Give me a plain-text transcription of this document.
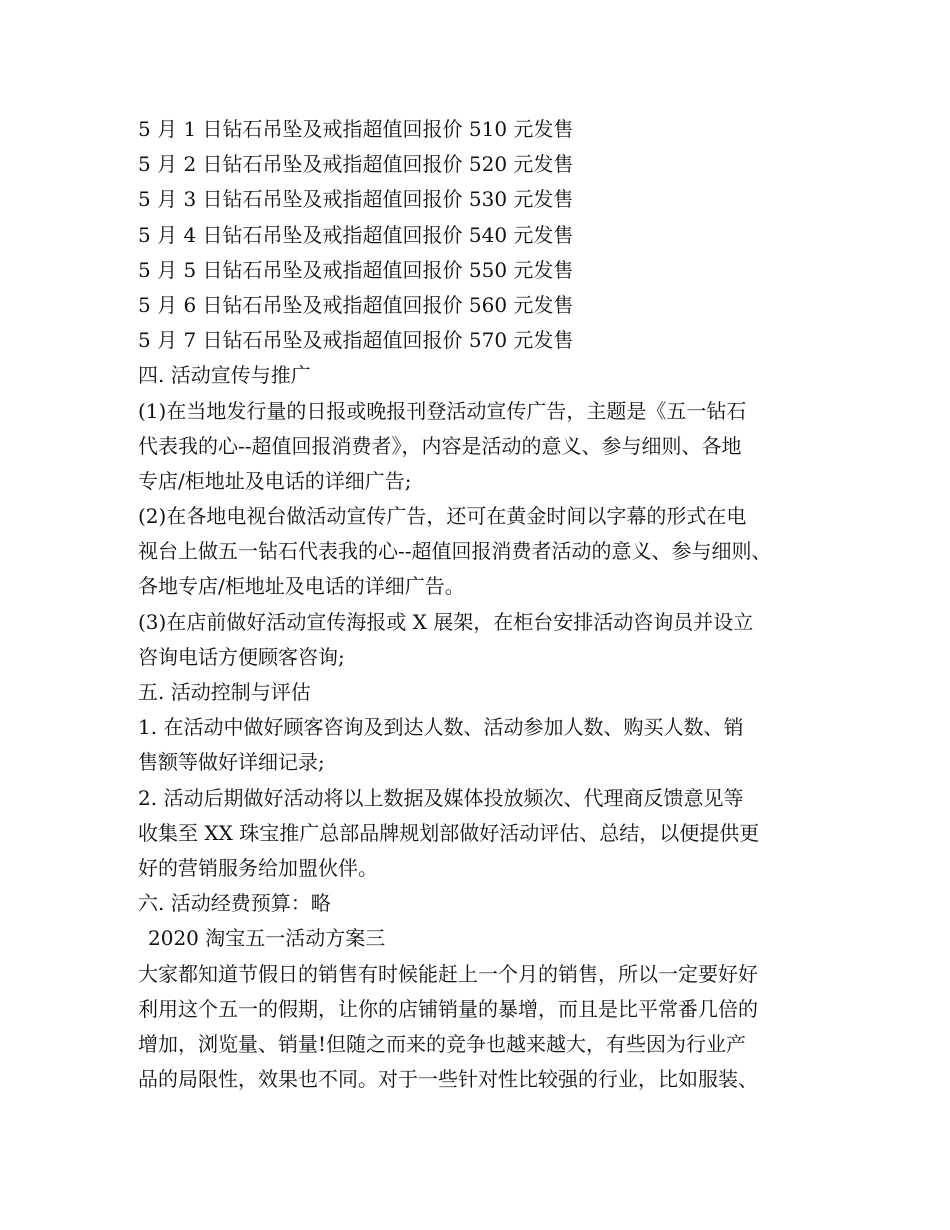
5 月 1 日钻石吊坠及戒指超值回报价 510 元发售
5 月 2 日钻石吊坠及戒指超值回报价 520 元发售
5 月 3 日钻石吊坠及戒指超值回报价 530 元发售
5 月 4 日钻石吊坠及戒指超值回报价 540 元发售
5 月 5 日钻石吊坠及戒指超值回报价 550 元发售
5 月 6 日钻石吊坠及戒指超值回报价 560 元发售
5 月 7 日钻石吊坠及戒指超值回报价 570 元发售
四. 活动宣传与推广
(1)在当地发行量的日报或晚报刊登活动宣传广告，主题是《五一钻石
代表我的心--超值回报消费者》，内容是活动的意义、参与细则、各地
专店/柜地址及电话的详细广告;
(2)在各地电视台做活动宣传广告，还可在黄金时间以字幕的形式在电
视台上做五一钻石代表我的心--超值回报消费者活动的意义、参与细则、
各地专店/柜地址及电话的详细广告。
(3)在店前做好活动宣传海报或 X 展架，在柜台安排活动咨询员并设立
咨询电话方便顾客咨询;
五. 活动控制与评估
1. 在活动中做好顾客咨询及到达人数、活动参加人数、购买人数、销
售额等做好详细记录;
2. 活动后期做好活动将以上数据及媒体投放频次、代理商反馈意见等
收集至 XX 珠宝推广总部品牌规划部做好活动评估、总结，以便提供更
好的营销服务给加盟伙伴。
六. 活动经费预算：略
2020 淘宝五一活动方案三
大家都知道节假日的销售有时候能赶上一个月的销售，所以一定要好好
利用这个五一的假期，让你的店铺销量的暴增，而且是比平常番几倍的
增加，浏览量、销量!但随之而来的竞争也越来越大，有些因为行业产
品的局限性，效果也不同。对于一些针对性比较强的行业，比如服装、
